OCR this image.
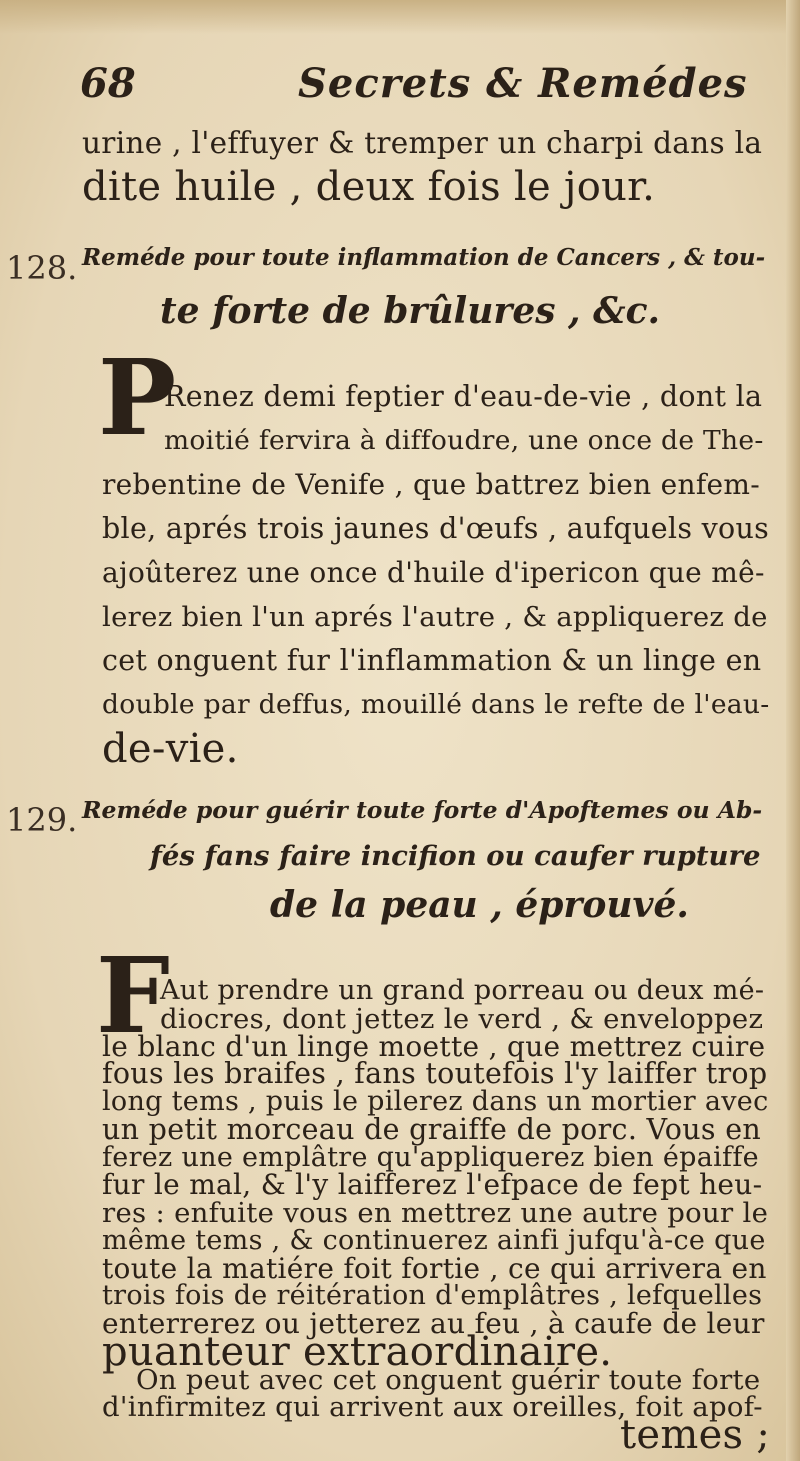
68	Secrets & Remédes
urine , l'effuyer & tremper un charpi dans la
dite huile , deux fois le jour.
128. Reméde pour toute inflammation de Cancers , & tou-
te forte de brûlures , &c.
P
Renez demi feptier d'eau-de-vie , dont la
moitié fervira à diffoudre, une once de The-
rebentine de Venife , que battrez bien enfem-
ble, aprés trois jaunes d'œufs , aufquels vous
ajoûterez une once d'huile d'ipericon que mê-
lerez bien l'un aprés l'autre , & appliquerez de
cet onguent fur l'inflammation & un linge en
double par deffus, mouillé dans le refte de l'eau-
de-vie.
129. Reméde pour guérir toute forte d'Apoftemes ou Ab-
fés fans faire incifion ou caufer rupture
de la peau , éprouvé.
F
Aut prendre un grand porreau ou deux mé-
diocres, dont jettez le verd , & enveloppez
le blanc d'un linge moette , que mettrez cuire
fous les braifes , fans toutefois l'y laiffer trop
long tems , puis le pilerez dans un mortier avec
un petit morceau de graiffe de porc. Vous en
ferez une emplâtre qu'appliquerez bien épaiffe
fur le mal, & l'y laifferez l'efpace de fept heu-
res : enfuite vous en mettrez une autre pour le
même tems , & continuerez ainfi jufqu'à-ce que
toute la matiére foit fortie , ce qui arrivera en
trois fois de réitération d'emplâtres , lefquelles
enterrerez ou jetterez au feu , à caufe de leur
puanteur extraordinaire.
On peut avec cet onguent guérir toute forte
d'infirmitez qui arrivent aux oreilles, foit apof-
temes ;
